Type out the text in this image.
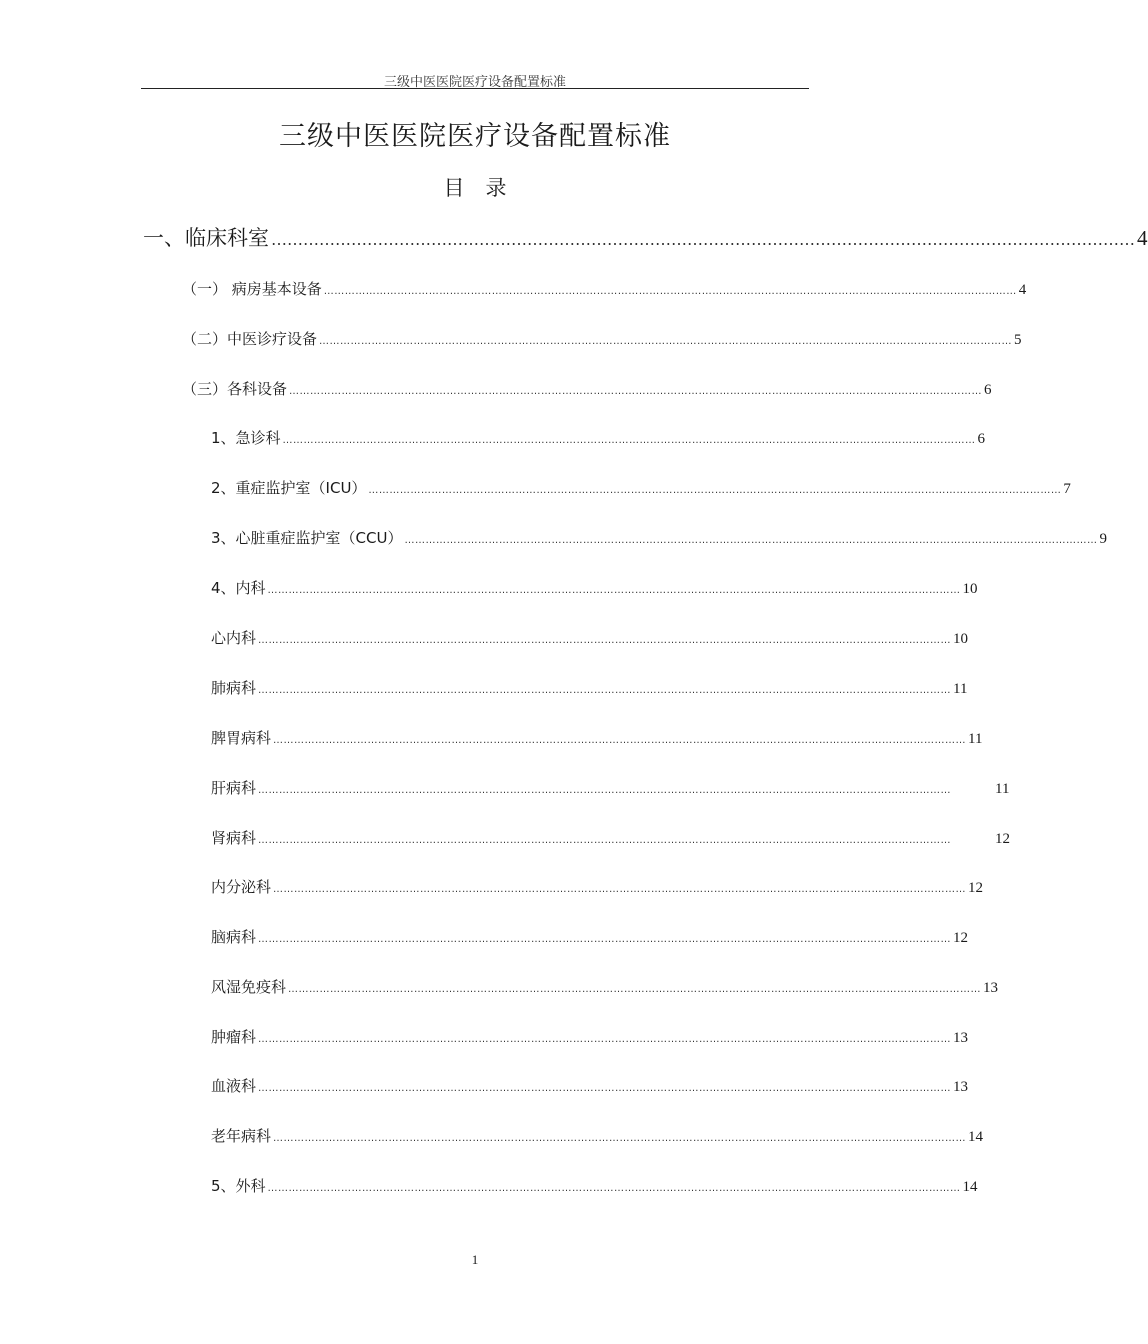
三级中医医院医疗设备配置标准
三级中医医院医疗设备配置标准
目　录
一、临床科室 ……………………………………………………………………………………………………………………………………………… 4
（一） 病房基本设备 ……………………………………………………………………………………………………………………………………………………………………………… 4
（二）中医诊疗设备 ……………………………………………………………………………………………………………………………………………………………………………… 5
（三）各科设备 ……………………………………………………………………………………………………………………………………………………………………………… 6
1、急诊科 ……………………………………………………………………………………………………………………………………………………………………………… 6
2、重症监护室（ICU） ……………………………………………………………………………………………………………………………………………………………………………… 7
3、心脏重症监护室（CCU） ……………………………………………………………………………………………………………………………………………………………………………… 9
4、内科 ……………………………………………………………………………………………………………………………………………………………………………… 10
心内科 ……………………………………………………………………………………………………………………………………………………………………………… 10
肺病科 ……………………………………………………………………………………………………………………………………………………………………………… 11
脾胃病科 ……………………………………………………………………………………………………………………………………………………………………………… 11
肝病科 ………………………………………………………………………………………………………………………………………………………………………………	11
肾病科 ………………………………………………………………………………………………………………………………………………………………………………	12
内分泌科 ……………………………………………………………………………………………………………………………………………………………………………… 12
脑病科 ……………………………………………………………………………………………………………………………………………………………………………… 12
风湿免疫科 ……………………………………………………………………………………………………………………………………………………………………………… 13
肿瘤科 ……………………………………………………………………………………………………………………………………………………………………………… 13
血液科 ……………………………………………………………………………………………………………………………………………………………………………… 13
老年病科 ……………………………………………………………………………………………………………………………………………………………………………… 14
5、外科 ……………………………………………………………………………………………………………………………………………………………………………… 14
1
